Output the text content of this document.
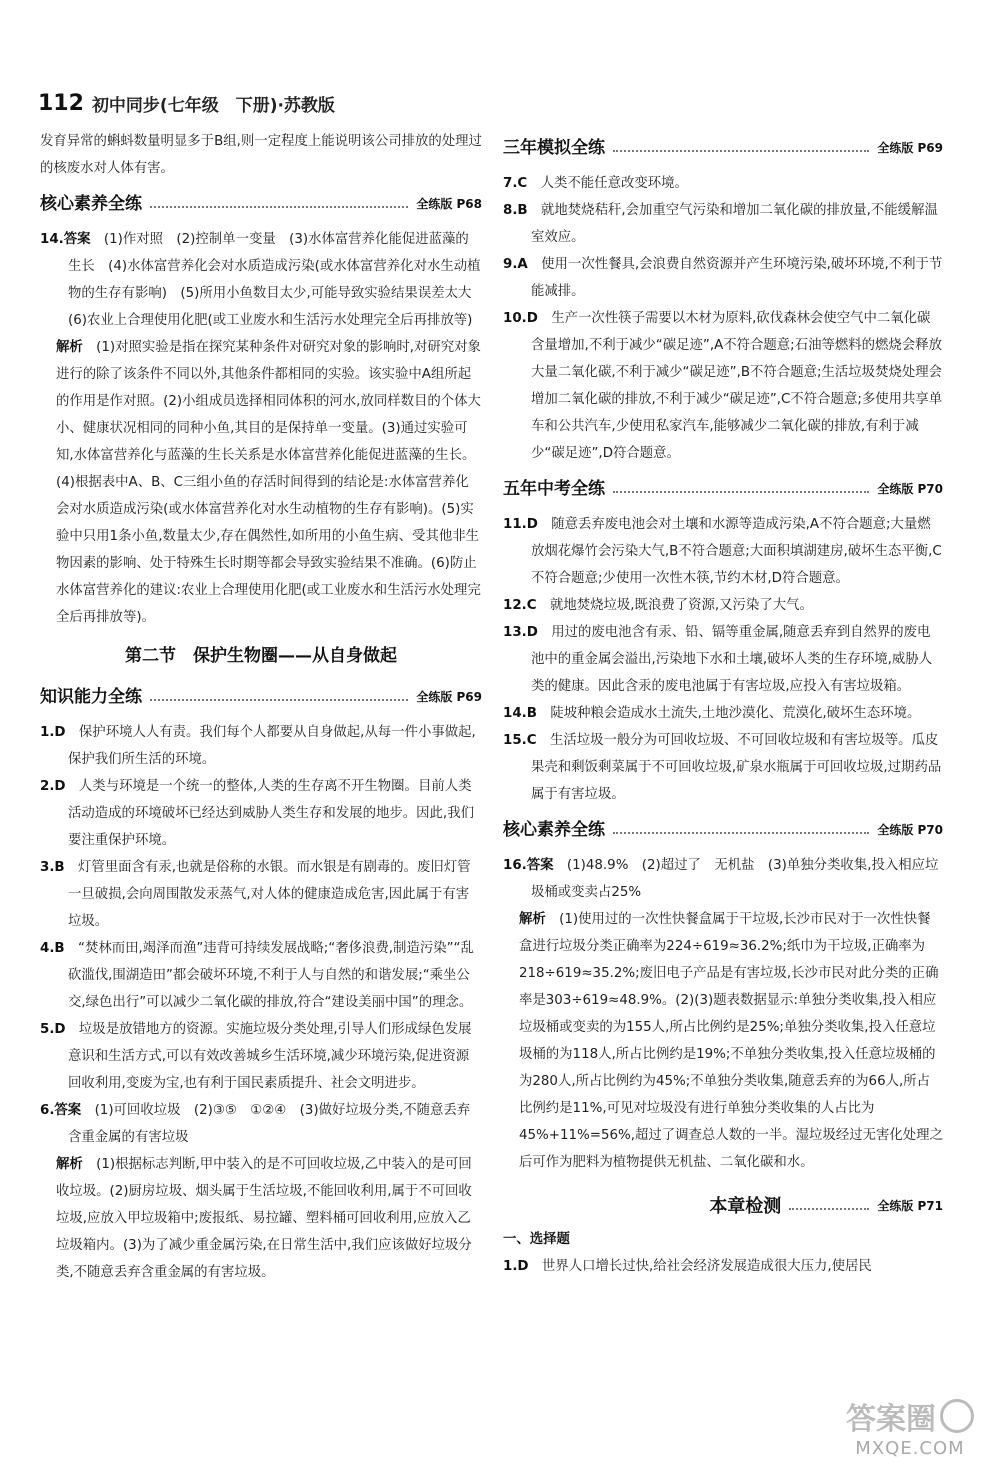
112 初中同步(七年级　下册)·苏教版

发育异常的蝌蚪数量明显多于B组,则一定程度上能说明该公司排放的处理过的核废水对人体有害。

核心素养全练	全练版 P68

14.答案　 (1)作对照　(2)控制单一变量　(3)水体富营养化能促进蓝藻的生长　(4)水体富营养化会对水质造成污染(或水体富营养化对水生动植物的生存有影响)　(5)所用小鱼数目太少,可能导致实验结果误差太大　(6)农业上合理使用化肥(或工业废水和生活污水处理完全后再排放等)

解析　 (1)对照实验是指在探究某种条件对研究对象的影响时,对研究对象进行的除了该条件不同以外,其他条件都相同的实验。该实验中A组所起的作用是作对照。(2)小组成员选择相同体积的河水,放同样数目的个体大小、健康状况相同的同种小鱼,其目的是保持单一变量。(3)通过实验可知,水体富营养化与蓝藻的生长关系是水体富营养化能促进蓝藻的生长。(4)根据表中A、B、C三组小鱼的存活时间得到的结论是:水体富营养化会对水质造成污染(或水体富营养化对水生动植物的生存有影响)。(5)实验中只用1条小鱼,数量太少,存在偶然性,如所用的小鱼生病、受其他非生物因素的影响、处于特殊生长时期等都会导致实验结果不准确。(6)防止水体富营养化的建议:农业上合理使用化肥(或工业废水和生活污水处理完全后再排放等)。

第二节　保护生物圈——从自身做起
知识能力全练	全练版 P69

1.D　 保护环境人人有责。我们每个人都要从自身做起,从每一件小事做起,保护我们所生活的环境。

2.D　 人类与环境是一个统一的整体,人类的生存离不开生物圈。目前人类活动造成的环境破坏已经达到威胁人类生存和发展的地步。因此,我们要注重保护环境。

3.B　 灯管里面含有汞,也就是俗称的水银。而水银是有剧毒的。废旧灯管一旦破损,会向周围散发汞蒸气,对人体的健康造成危害,因此属于有害垃圾。

4.B　 “焚林而田,竭泽而渔”违背可持续发展战略;“奢侈浪费,制造污染”“乱砍滥伐,围湖造田”都会破坏环境,不利于人与自然的和谐发展;“乘坐公交,绿色出行”可以减少二氧化碳的排放,符合“建设美丽中国”的理念。

5.D　 垃圾是放错地方的资源。实施垃圾分类处理,引导人们形成绿色发展意识和生活方式,可以有效改善城乡生活环境,减少环境污染,促进资源回收利用,变废为宝,也有利于国民素质提升、社会文明进步。

6.答案　 (1)可回收垃圾　(2)③⑤　①②④　(3)做好垃圾分类,不随意丢弃含重金属的有害垃圾

解析　 (1)根据标志判断,甲中装入的是不可回收垃圾,乙中装入的是可回收垃圾。(2)厨房垃圾、烟头属于生活垃圾,不能回收利用,属于不可回收垃圾,应放入甲垃圾箱中;废报纸、易拉罐、塑料桶可回收利用,应放入乙垃圾箱内。(3)为了减少重金属污染,在日常生活中,我们应该做好垃圾分类,不随意丢弃含重金属的有害垃圾。

三年模拟全练	全练版 P69

7.C　 人类不能任意改变环境。

8.B　 就地焚烧秸秆,会加重空气污染和增加二氧化碳的排放量,不能缓解温室效应。

9.A　 使用一次性餐具,会浪费自然资源并产生环境污染,破坏环境,不利于节能减排。

10.D　 生产一次性筷子需要以木材为原料,砍伐森林会使空气中二氧化碳含量增加,不利于减少“碳足迹”,A不符合题意;石油等燃料的燃烧会释放大量二氧化碳,不利于减少“碳足迹”,B不符合题意;生活垃圾焚烧处理会增加二氧化碳的排放,不利于减少“碳足迹”,C不符合题意;多使用共享单车和公共汽车,少使用私家汽车,能够减少二氧化碳的排放,有利于减少“碳足迹”,D符合题意。

五年中考全练	全练版 P70

11.D　 随意丢弃废电池会对土壤和水源等造成污染,A不符合题意;大量燃放烟花爆竹会污染大气,B不符合题意;大面积填湖建房,破坏生态平衡,C不符合题意;少使用一次性木筷,节约木材,D符合题意。

12.C　 就地焚烧垃圾,既浪费了资源,又污染了大气。

13.D　 用过的废电池含有汞、铅、镉等重金属,随意丢弃到自然界的废电池中的重金属会溢出,污染地下水和土壤,破坏人类的生存环境,威胁人类的健康。因此含汞的废电池属于有害垃圾,应投入有害垃圾箱。

14.B　 陡坡种粮会造成水土流失,土地沙漠化、荒漠化,破坏生态环境。

15.C　 生活垃圾一般分为可回收垃圾、不可回收垃圾和有害垃圾等。瓜皮果壳和剩饭剩菜属于不可回收垃圾,矿泉水瓶属于可回收垃圾,过期药品属于有害垃圾。

核心素养全练	全练版 P70

16.答案　 (1)48.9%　(2)超过了　无机盐　(3)单独分类收集,投入相应垃圾桶或变卖占25%

解析　 (1)使用过的一次性快餐盒属于干垃圾,长沙市民对于一次性快餐盒进行垃圾分类正确率为224÷619≈36.2%;纸巾为干垃圾,正确率为218÷619≈35.2%;废旧电子产品是有害垃圾,长沙市民对此分类的正确率是303÷619≈48.9%。(2)(3)题表数据显示:单独分类收集,投入相应垃圾桶或变卖的为155人,所占比例约是25%;单独分类收集,投入任意垃圾桶的为118人,所占比例约是19%;不单独分类收集,投入任意垃圾桶的为280人,所占比例约为45%;不单独分类收集,随意丢弃的为66人,所占比例约是11%,可见对垃圾没有进行单独分类收集的人占比为45%+11%=56%,超过了调查总人数的一半。湿垃圾经过无害化处理之后可作为肥料为植物提供无机盐、二氧化碳和水。

本章检测	全练版 P71

一、选择题

1.D　 世界人口增长过快,给社会经济发展造成很大压力,使居民

答案圈
MXQE.COM
